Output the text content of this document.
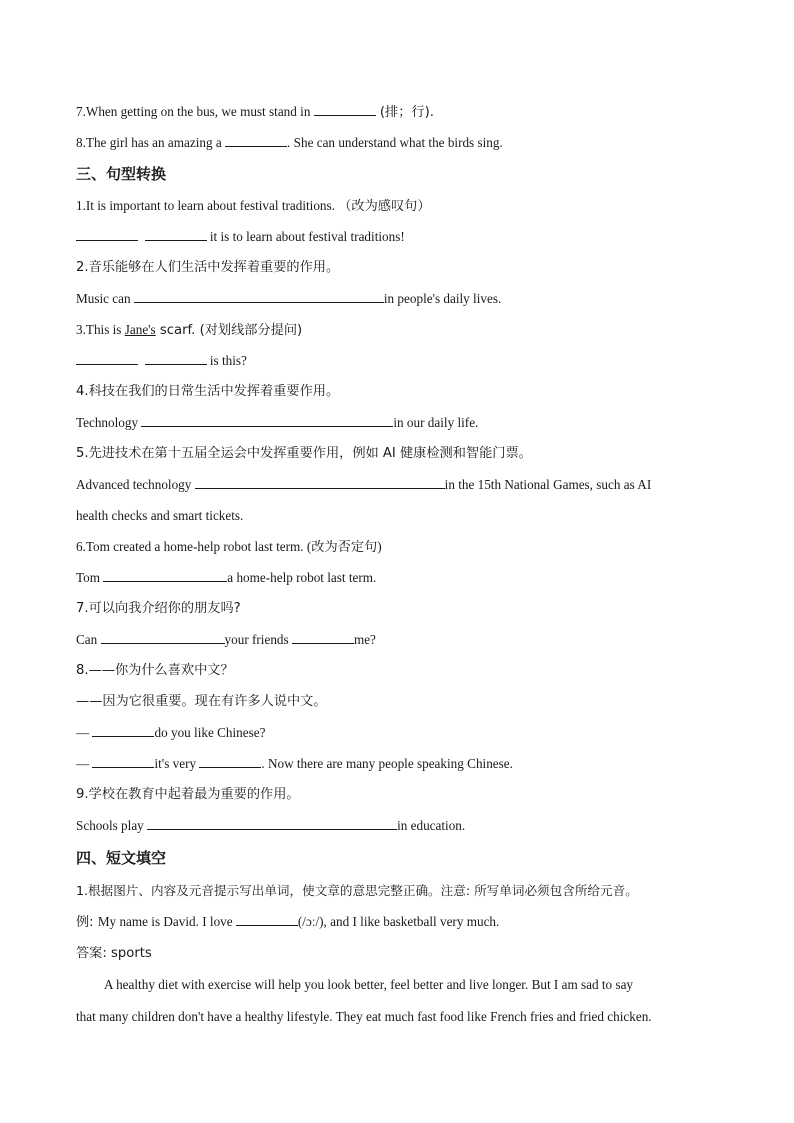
7.When getting on the bus, we must stand in	(排；行).
8.The girl has an amazing a	. She can understand what the birds sing.
三、句型转换
1.It is important to learn about festival traditions. （改为感叹句）
it is to learn about festival traditions!
2.音乐能够在人们生活中发挥着重要的作用。
Music can	in people's daily lives.
3.This is Jane's scarf. (对划线部分提问)
is this?
4.科技在我们的日常生活中发挥着重要作用。
Technology	in our daily life.
5.先进技术在第十五届全运会中发挥重要作用，例如 AI 健康检测和智能门票。
Advanced technology	in the 15th National Games, such as AI
health checks and smart tickets.
6.Tom created a home-help robot last term. (改为否定句)
Tom	a home-help robot last term.
7.可以向我介绍你的朋友吗?
Can	your friends	me?
8.——你为什么喜欢中文？
——因为它很重要。现在有许多人说中文。
—	do you like Chinese?
—	it's very	. Now there are many people speaking Chinese.
9.学校在教育中起着最为重要的作用。
Schools play	in education.
四、短文填空
1.根据图片、内容及元音提示写出单词，使文章的意思完整正确。注意: 所写单词必须包含所给元音。
例: My name is David. I love	(/ɔː/), and I like basketball very much.
答案: sports
A healthy diet with exercise will help you look better, feel better and live longer. But I am sad to say
that many children don't have a healthy lifestyle. They eat much fast food like French fries and fried chicken.
